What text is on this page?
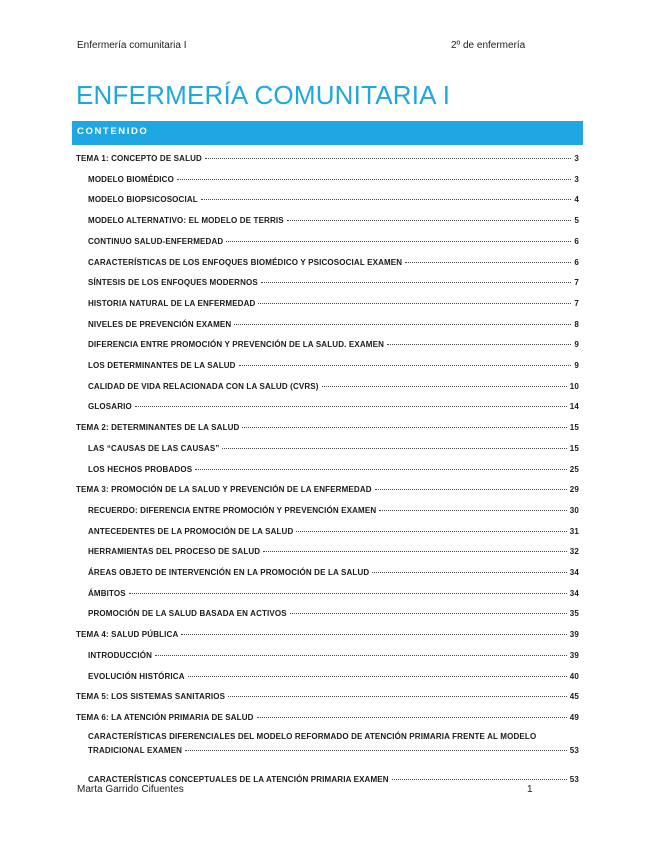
Enfermería comunitaria I	2º de enfermería
ENFERMERÍA COMUNITARIA I
CONTENIDO
TEMA 1: CONCEPTO DE SALUD	3
MODELO BIOMÉDICO	3
MODELO BIOPSICOSOCIAL	4
MODELO ALTERNATIVO: EL MODELO DE TERRIS	5
CONTINUO SALUD-ENFERMEDAD	6
CARACTERÍSTICAS DE LOS ENFOQUES BIOMÉDICO Y PSICOSOCIAL EXAMEN	6
SÍNTESIS DE LOS ENFOQUES MODERNOS	7
HISTORIA NATURAL DE LA ENFERMEDAD	7
NIVELES DE PREVENCIÓN EXAMEN	8
DIFERENCIA ENTRE PROMOCIÓN Y PREVENCIÓN DE LA SALUD. EXAMEN	9
LOS DETERMINANTES DE LA SALUD	9
CALIDAD DE VIDA RELACIONADA CON LA SALUD (CVRS)	10
GLOSARIO	14
TEMA 2: DETERMINANTES DE LA SALUD	15
LAS “CAUSAS DE LAS CAUSAS”	15
LOS HECHOS PROBADOS	25
TEMA 3: PROMOCIÓN DE LA SALUD Y PREVENCIÓN DE LA ENFERMEDAD	29
RECUERDO: DIFERENCIA ENTRE PROMOCIÓN Y PREVENCIÓN EXAMEN	30
ANTECEDENTES DE LA PROMOCIÓN DE LA SALUD	31
HERRAMIENTAS DEL PROCESO DE SALUD	32
ÁREAS OBJETO DE INTERVENCIÓN EN LA PROMOCIÓN DE LA SALUD	34
ÁMBITOS	34
PROMOCIÓN DE LA SALUD BASADA EN ACTIVOS	35
TEMA 4: SALUD PÚBLICA	39
INTRODUCCIÓN	39
EVOLUCIÓN HISTÓRICA	40
TEMA 5: LOS SISTEMAS SANITARIOS	45
TEMA 6: LA ATENCIÓN PRIMARIA DE SALUD	49
CARACTERÍSTICAS DIFERENCIALES DEL MODELO REFORMADO DE ATENCIÓN PRIMARIA FRENTE AL MODELO
TRADICIONAL EXAMEN	53
CARACTERÍSTICAS CONCEPTUALES DE LA ATENCIÓN PRIMARIA EXAMEN	53
Marta Garrido Cifuentes	1
